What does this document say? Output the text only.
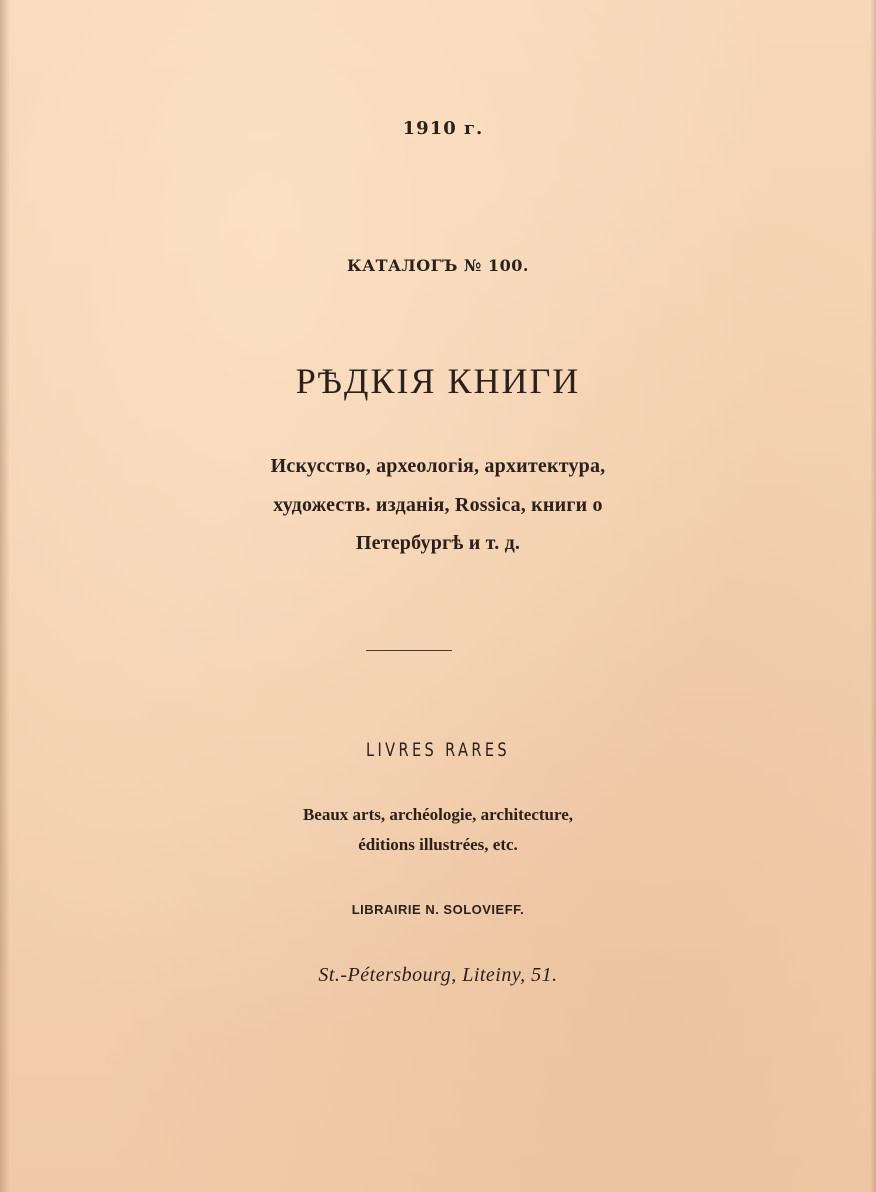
1910 г.
КАТАЛОГЪ № 100.
РѢДКІЯ КНИГИ
Искусство, археологія, архитектура,
художеств. изданія, Rossica, книги о
Петербургѣ и т. д.
LIVRES RARES
Beaux arts, archéologie, architecture,
éditions illustrées, etc.
LIBRAIRIE N. SOLOVIEFF.
St.-Pétersbourg, Liteiny, 51.
